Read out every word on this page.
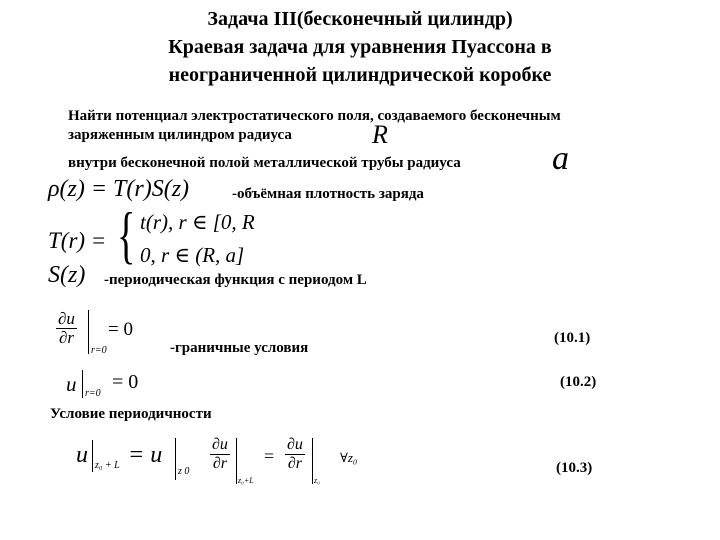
Задача III(бесконечный цилиндр)
Краевая задача для уравнения Пуассона в
неограниченной цилиндрической коробке
Найти потенциал электростатического поля, создаваемого бесконечным
заряженным цилиндром радиуса	R
внутри бесконечной полой металлической трубы радиуса	a
ρ(z) = T(r)S(z)	-объёмная плотность заряда
T(r) = { t(r), r ∈ [0, R
0, r ∈ (R, a]
S(z) -периодическая функция с периодом L
$\frac{\partial u}{\partial r}$
r=0
= 0
-граничные условия
(10.1)
u r=0
= 0	(10.2)
Условие периодичности
u z₀ + L = u
z $0 \frac{\partial u}{\partial r}$
z₀+L
= $\frac{\partial u}{\partial r}$
z₀
∀z₀
(10.3)
